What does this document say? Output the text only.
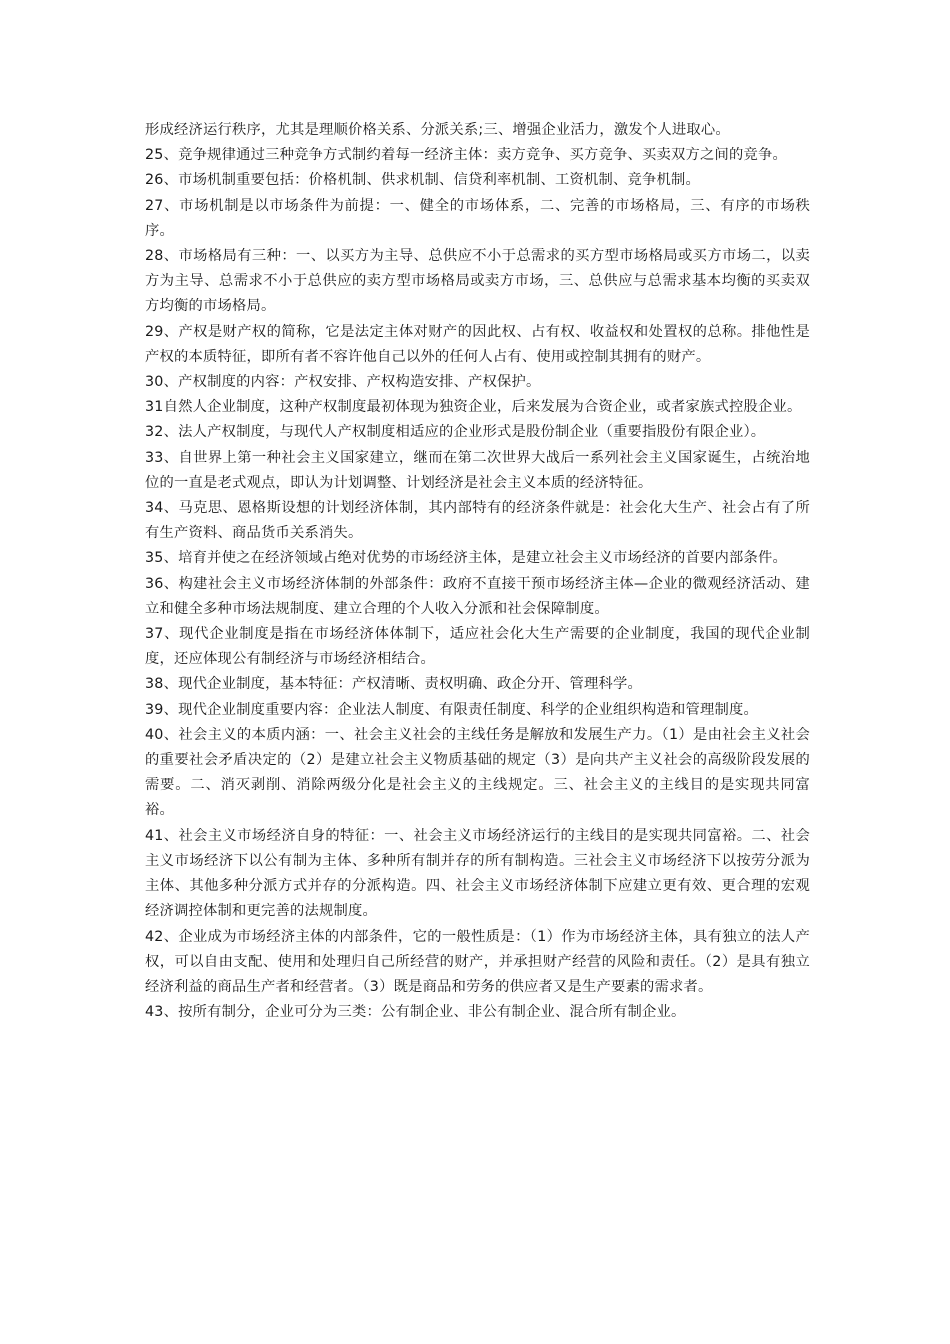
形成经济运行秩序，尤其是理顺价格关系、分派关系;三、增强企业活力，激发个人进取心。

25、竞争规律通过三种竞争方式制约着每一经济主体：卖方竞争、买方竞争、买卖双方之间的竞争。

26、市场机制重要包括：价格机制、供求机制、信贷利率机制、工资机制、竞争机制。

27、市场机制是以市场条件为前提：一、健全的市场体系，二、完善的市场格局，三、有序的市场秩序。

28、市场格局有三种：一、以买方为主导、总供应不小于总需求的买方型市场格局或买方市场二，以卖方为主导、总需求不小于总供应的卖方型市场格局或卖方市场，三、总供应与总需求基本均衡的买卖双方均衡的市场格局。

29、产权是财产权的简称，它是法定主体对财产的因此权、占有权、收益权和处置权的总称。排他性是产权的本质特征，即所有者不容许他自己以外的任何人占有、使用或控制其拥有的财产。

30、产权制度的内容：产权安排、产权构造安排、产权保护。

31自然人企业制度，这种产权制度最初体现为独资企业，后来发展为合资企业，或者家族式控股企业。

32、法人产权制度，与现代人产权制度相适应的企业形式是股份制企业（重要指股份有限企业）。

33、自世界上第一种社会主义国家建立，继而在第二次世界大战后一系列社会主义国家诞生，占统治地位的一直是老式观点，即认为计划调整、计划经济是社会主义本质的经济特征。

34、马克思、恩格斯设想的计划经济体制，其内部特有的经济条件就是：社会化大生产、社会占有了所有生产资料、商品货币关系消失。

35、培育并使之在经济领域占绝对优势的市场经济主体，是建立社会主义市场经济的首要内部条件。

36、构建社会主义市场经济体制的外部条件：政府不直接干预市场经济主体—企业的微观经济活动、建立和健全多种市场法规制度、建立合理的个人收入分派和社会保障制度。

37、现代企业制度是指在市场经济体体制下，适应社会化大生产需要的企业制度，我国的现代企业制度，还应体现公有制经济与市场经济相结合。

38、现代企业制度，基本特征：产权清晰、责权明确、政企分开、管理科学。

39、现代企业制度重要内容：企业法人制度、有限责任制度、科学的企业组织构造和管理制度。

40、社会主义的本质内涵：一、社会主义社会的主线任务是解放和发展生产力。（1）是由社会主义社会的重要社会矛盾决定的（2）是建立社会主义物质基础的规定（3）是向共产主义社会的高级阶段发展的需要。二、消灭剥削、消除两级分化是社会主义的主线规定。三、社会主义的主线目的是实现共同富裕。

41、社会主义市场经济自身的特征：一、社会主义市场经济运行的主线目的是实现共同富裕。二、社会主义市场经济下以公有制为主体、多种所有制并存的所有制构造。三社会主义市场经济下以按劳分派为主体、其他多种分派方式并存的分派构造。四、社会主义市场经济体制下应建立更有效、更合理的宏观经济调控体制和更完善的法规制度。

42、企业成为市场经济主体的内部条件，它的一般性质是：（1）作为市场经济主体，具有独立的法人产权，可以自由支配、使用和处理归自己所经营的财产，并承担财产经营的风险和责任。（2）是具有独立经济利益的商品生产者和经营者。（3）既是商品和劳务的供应者又是生产要素的需求者。

43、按所有制分，企业可分为三类：公有制企业、非公有制企业、混合所有制企业。
